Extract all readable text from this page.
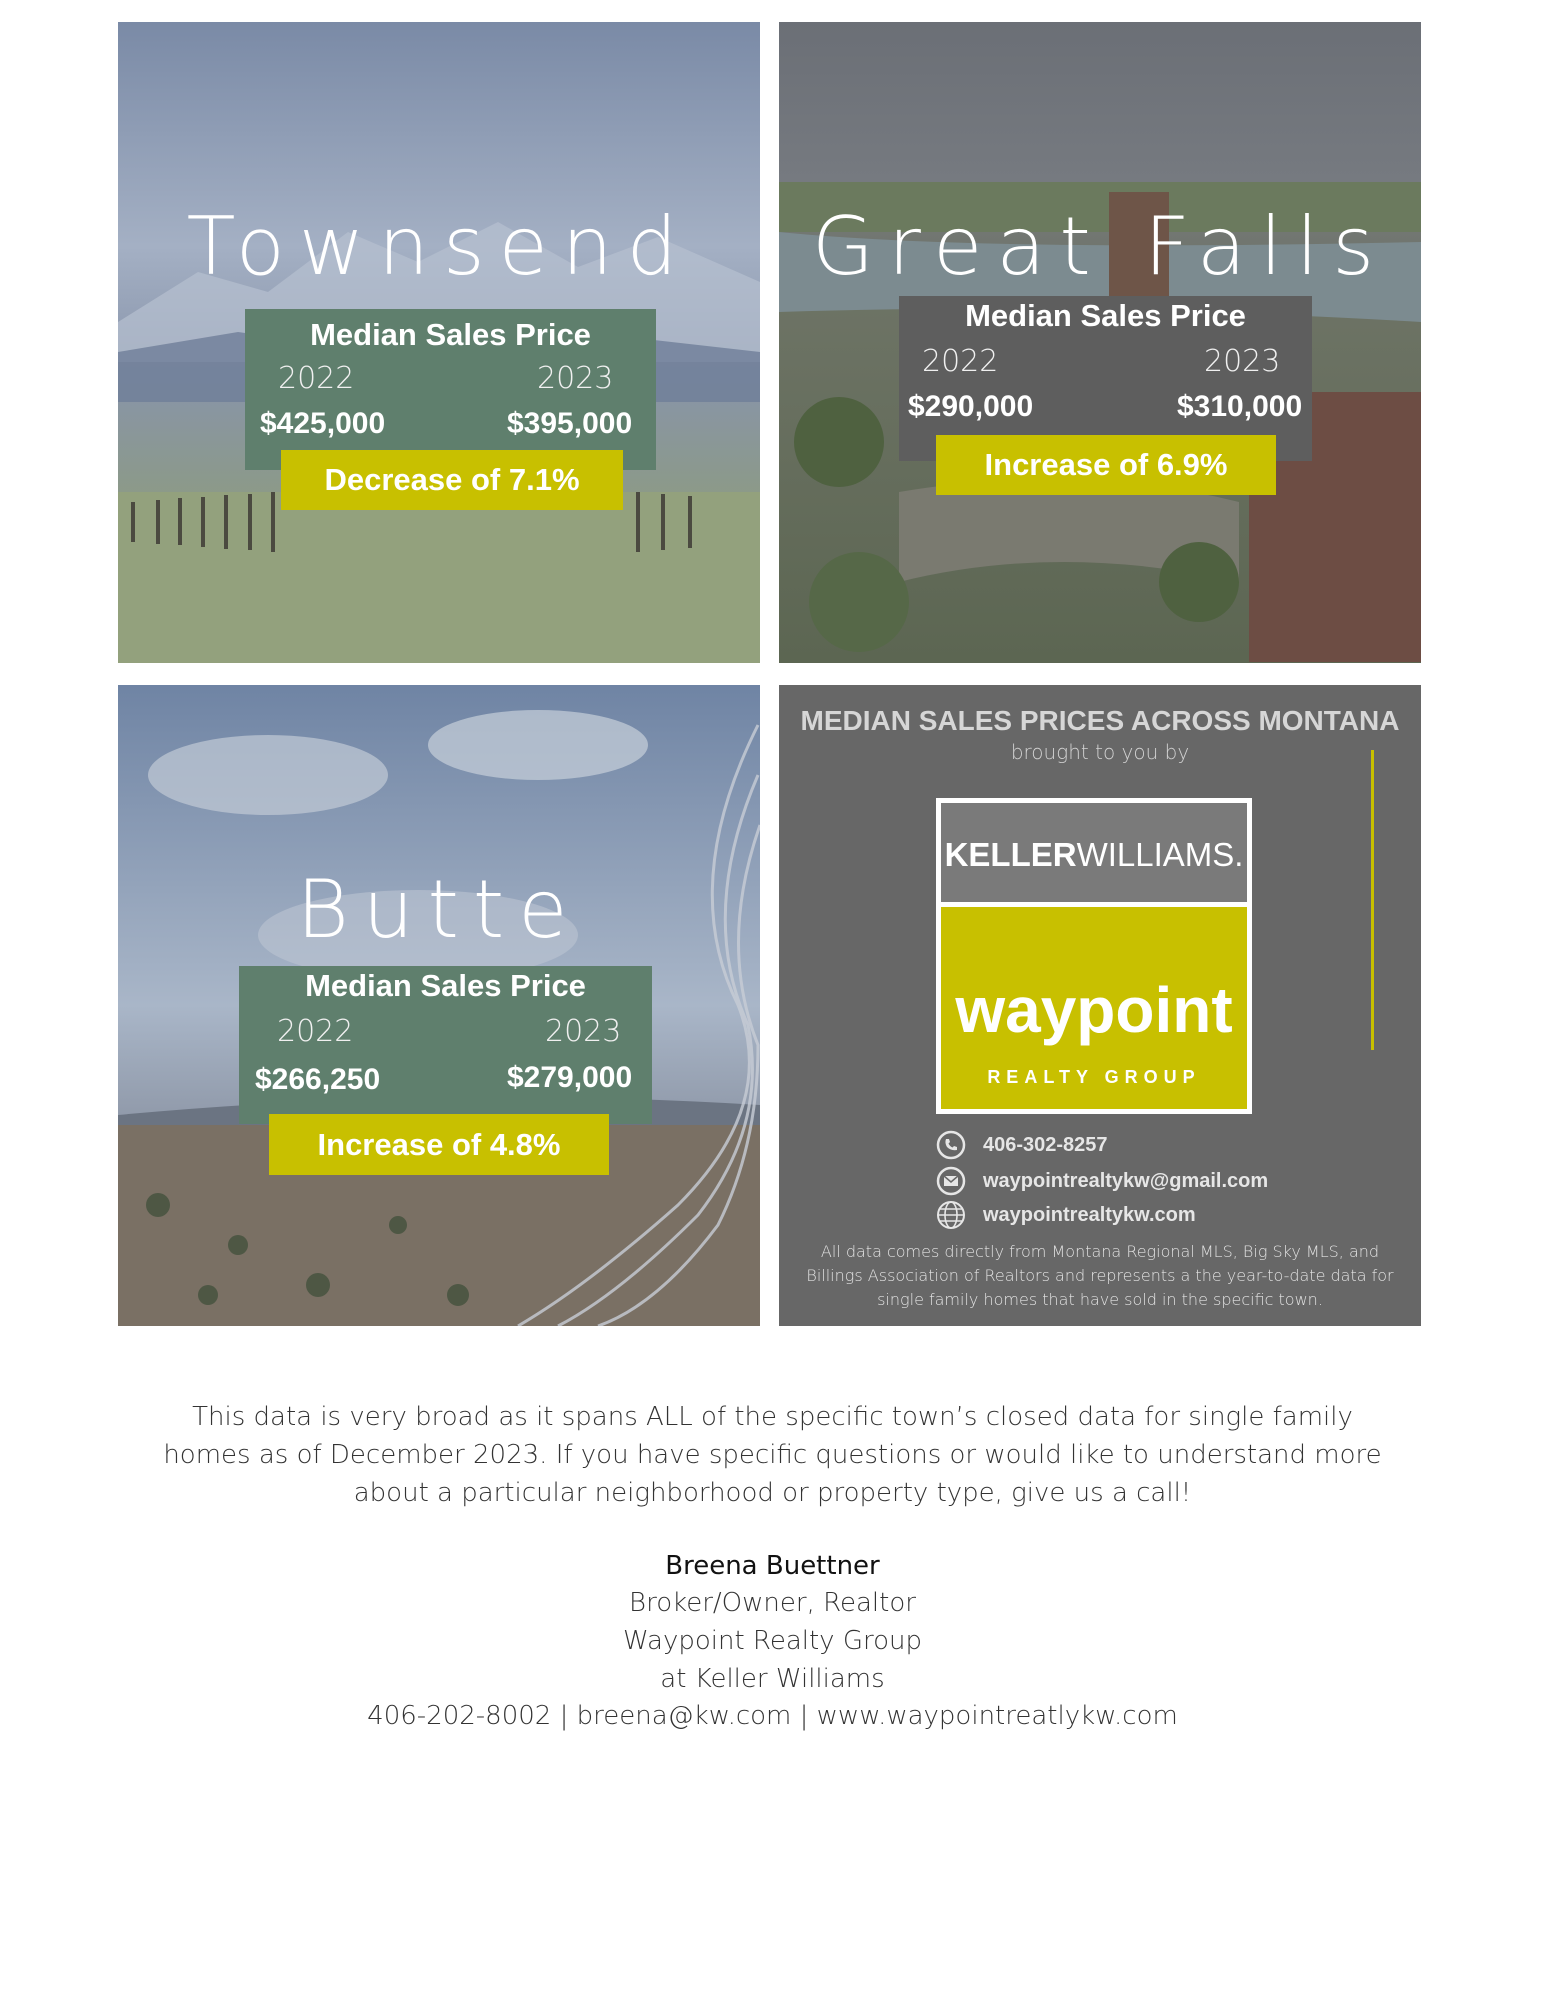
Townsend
Median Sales Price
2022	2023
$425,000	$395,000
Decrease of 7.1%
Great Falls
Median Sales Price
2022	2023
$290,000	$310,000
Increase of 6.9%
Butte
Median Sales Price
2022	2023
$266,250	$279,000
Increase of 4.8%
MEDIAN SALES PRICES ACROSS MONTANA
brought to you by
KELLERWILLIAMS.
waypoint
REALTY GROUP
406-302-8257
waypointrealtykw@gmail.com
waypointrealtykw.com
All data comes directly from Montana Regional MLS, Big Sky MLS, and Billings Association of Realtors and represents a the year-to-date data for single family homes that have sold in the specific town.
This data is very broad as it spans ALL of the specific town’s closed data for single family homes as of December 2023. If you have specific questions or would like to understand more about a particular neighborhood or property type, give us a call!
Breena Buettner
Broker/Owner, Realtor
Waypoint Realty Group
at Keller Williams
406-202-8002 | breena@kw.com | www.waypointreatlykw.com
